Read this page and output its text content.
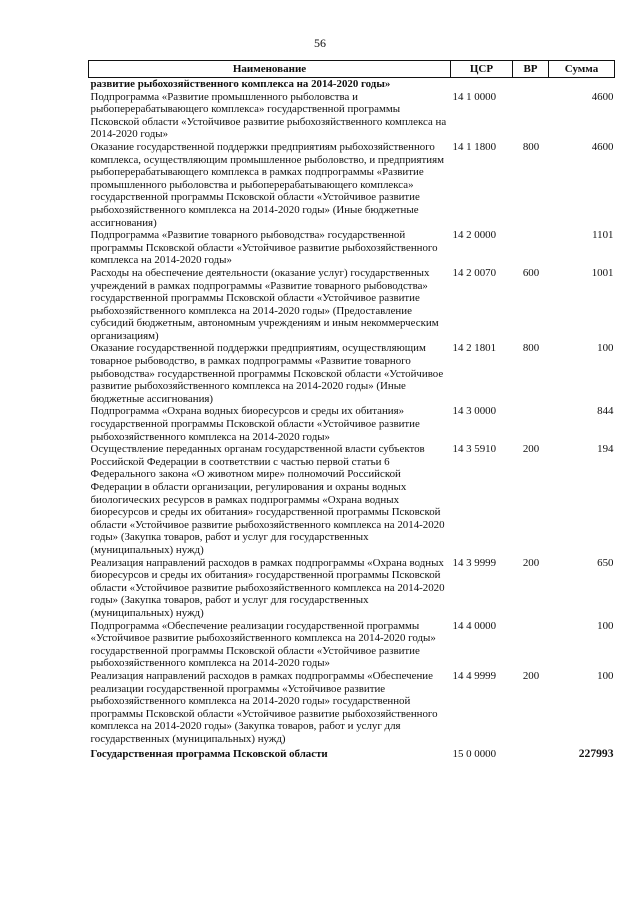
56
Наименование	ЦСР	ВР	Сумма
развитие рыбохозяйственного комплекса на 2014-2020 годы»			
Подпрограмма «Развитие промышленного рыболовства и рыбоперерабатывающего комплекса» государственной программы Псковской области «Устойчивое развитие рыбохозяйственного комплекса на 2014-2020 годы»	14 1 0000		4600
Оказание государственной поддержки предприятиям рыбохозяйственного комплекса, осуществляющим промышленное рыболовство, и предприятиям рыбоперерабатывающего комплекса в рамках подпрограммы «Развитие промышленного рыболовства и рыбоперерабатывающего комплекса» государственной программы Псковской области «Устойчивое развитие рыбохозяйственного комплекса на 2014-2020 годы» (Иные бюджетные ассигнования)	14 1 1800	800	4600
Подпрограмма «Развитие товарного рыбоводства» государственной программы Псковской области «Устойчивое развитие рыбохозяйственного комплекса на 2014-2020 годы»	14 2 0000		1101
Расходы на обеспечение деятельности (оказание услуг) государственных учреждений в рамках подпрограммы «Развитие товарного рыбоводства» государственной программы Псковской области «Устойчивое развитие рыбохозяйственного комплекса на 2014-2020 годы» (Предоставление субсидий бюджетным, автономным учреждениям и иным некоммерческим организациям)	14 2 0070	600	1001
Оказание государственной поддержки предприятиям, осуществляющим товарное рыбоводство, в рамках подпрограммы «Развитие товарного рыбоводства» государственной программы Псковской области «Устойчивое развитие рыбохозяйственного комплекса на 2014-2020 годы» (Иные бюджетные ассигнования)	14 2 1801	800	100
Подпрограмма «Охрана водных биоресурсов и среды их обитания» государственной программы Псковской области «Устойчивое развитие рыбохозяйственного комплекса на 2014-2020 годы»	14 3 0000		844
Осуществление переданных органам государственной власти субъектов Российской Федерации в соответствии с частью первой статьи 6 Федерального закона «О животном мире» полномочий Российской Федерации в области организации, регулирования и охраны водных биологических ресурсов в рамках подпрограммы «Охрана водных биоресурсов и среды их обитания» государственной программы Псковской области «Устойчивое развитие рыбохозяйственного комплекса на 2014-2020 годы» (Закупка товаров, работ и услуг для государственных (муниципальных) нужд)	14 3 5910	200	194
Реализация направлений расходов в рамках подпрограммы «Охрана водных биоресурсов и среды их обитания» государственной программы Псковской области «Устойчивое развитие рыбохозяйственного комплекса на 2014-2020 годы» (Закупка товаров, работ и услуг для государственных (муниципальных) нужд)	14 3 9999	200	650
Подпрограмма «Обеспечение реализации государственной программы «Устойчивое развитие рыбохозяйственного комплекса на 2014-2020 годы» государственной программы Псковской области «Устойчивое развитие рыбохозяйственного комплекса на 2014-2020 годы»	14 4 0000		100
Реализация направлений расходов в рамках подпрограммы «Обеспечение реализации государственной программы «Устойчивое развитие рыбохозяйственного комплекса на 2014-2020 годы» государственной программы Псковской области «Устойчивое развитие рыбохозяйственного комплекса на 2014-2020 годы» (Закупка товаров, работ и услуг для государственных (муниципальных) нужд)	14 4 9999	200	100
Государственная программа Псковской области	15 0 0000		227993
